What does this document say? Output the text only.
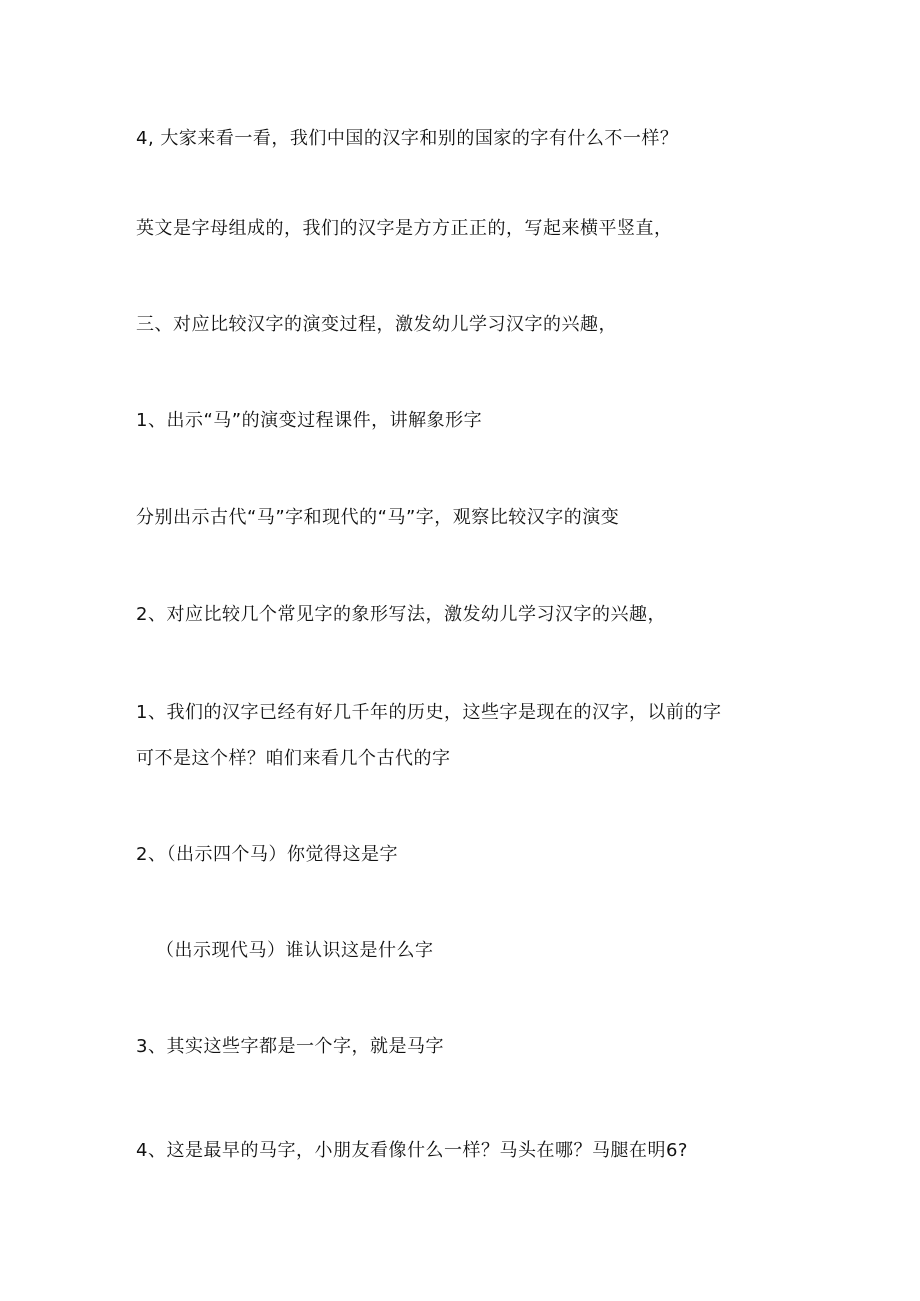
4, 大家来看一看，我们中国的汉字和别的国家的字有什么不一样？
英文是字母组成的，我们的汉字是方方正正的，写起来横平竖直，
三、对应比较汉字的演变过程，激发幼儿学习汉字的兴趣，
1、出示“马”的演变过程课件，讲解象形字
分别出示古代“马”字和现代的“马”字，观察比较汉字的演变
2、对应比较几个常见字的象形写法，激发幼儿学习汉字的兴趣，
1、我们的汉字已经有好几千年的历史，这些字是现在的汉字，以前的字
可不是这个样？咱们来看几个古代的字
2、（出示四个马）你觉得这是字
（出示现代马）谁认识这是什么字
3、其实这些字都是一个字，就是马字
4、这是最早的马字，小朋友看像什么一样？马头在哪？马腿在明6?
